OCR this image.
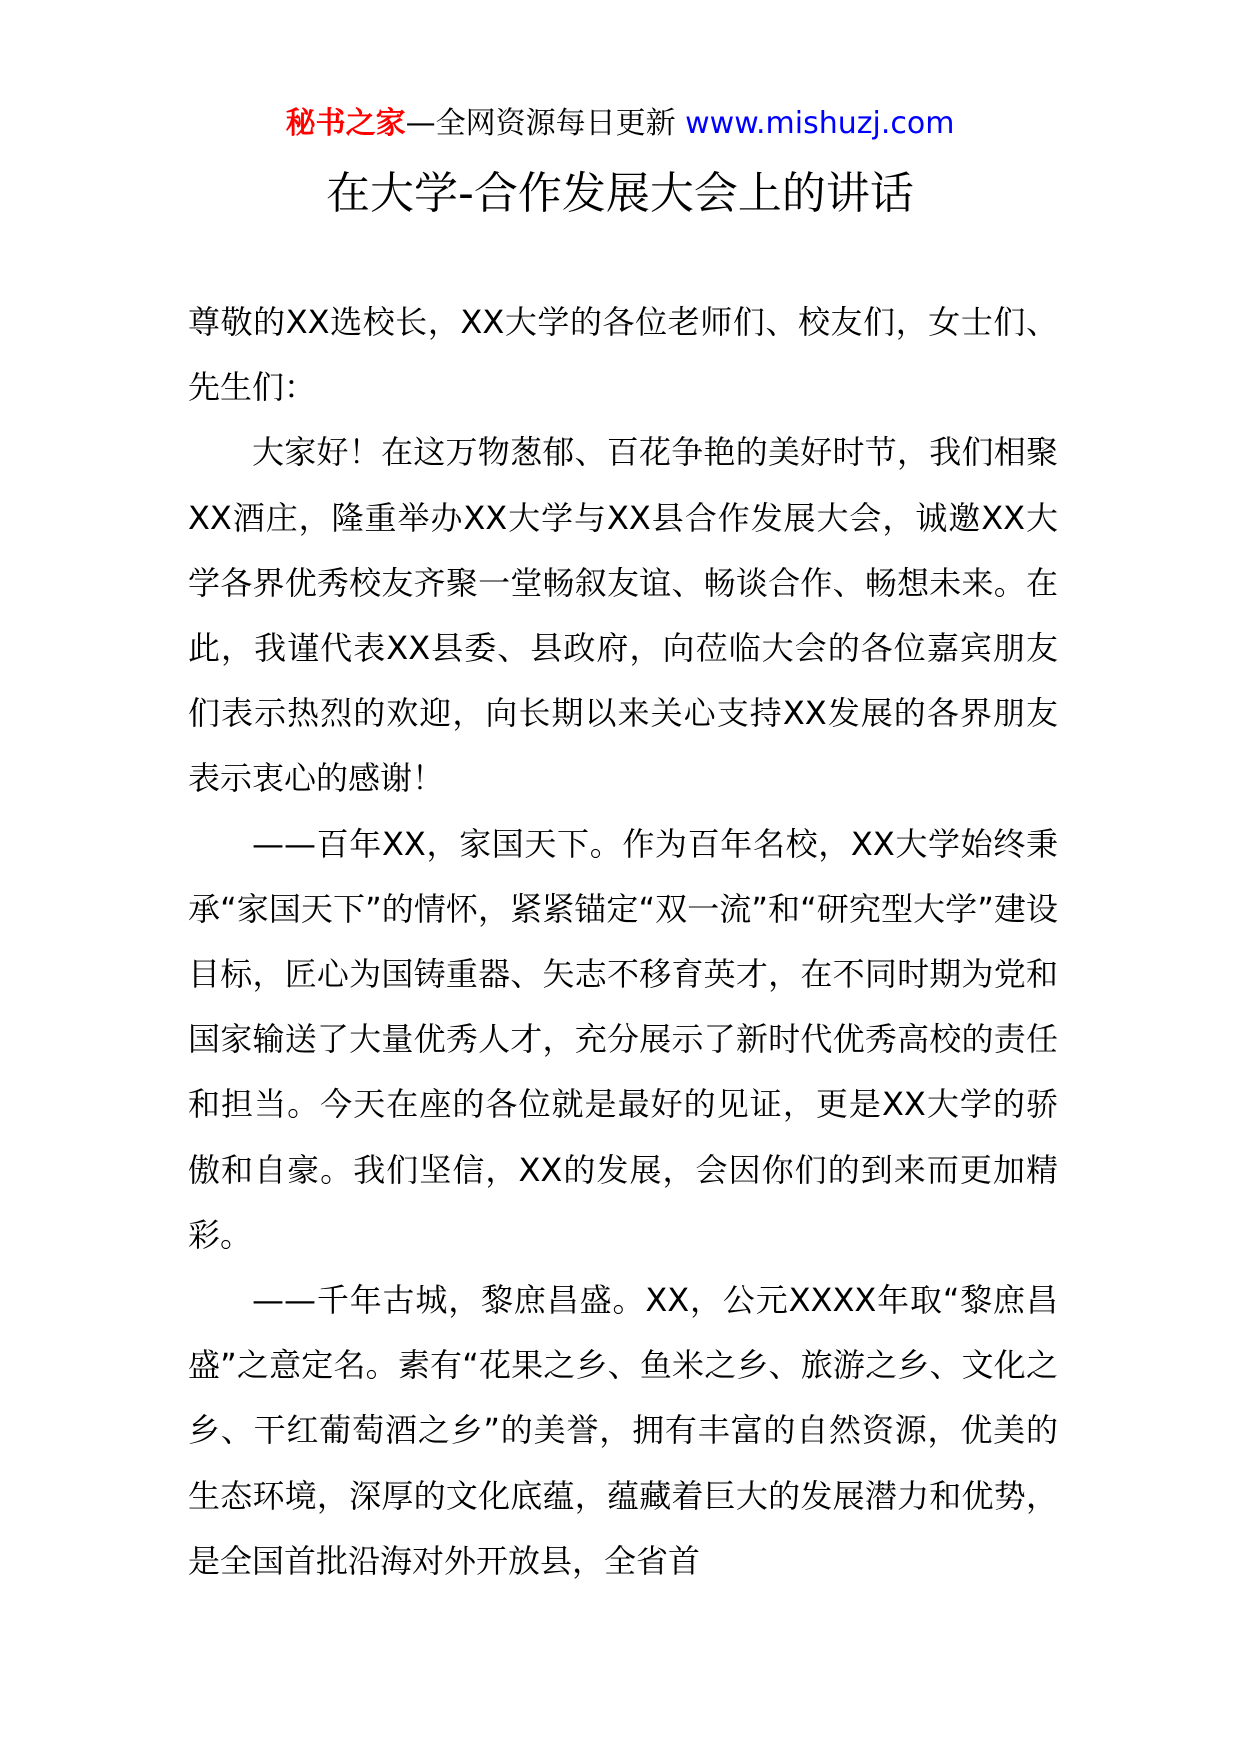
秘书之家—全网资源每日更新 www.mishuzj.com
在大学-合作发展大会上的讲话

尊敬的XX选校长，XX大学的各位老师们、校友们，女士们、先生们：

大家好！在这万物葱郁、百花争艳的美好时节，我们相聚XX酒庄，隆重举办XX大学与XX县合作发展大会，诚邀XX大学各界优秀校友齐聚一堂畅叙友谊、畅谈合作、畅想未来。在此，我谨代表XX县委、县政府，向莅临大会的各位嘉宾朋友们表示热烈的欢迎，向长期以来关心支持XX发展的各界朋友表示衷心的感谢！

——百年XX，家国天下。作为百年名校，XX大学始终秉承“家国天下”的情怀，紧紧锚定“双一流”和“研究型大学”建设目标，匠心为国铸重器、矢志不移育英才，在不同时期为党和国家输送了大量优秀人才，充分展示了新时代优秀高校的责任和担当。今天在座的各位就是最好的见证，更是XX大学的骄傲和自豪。我们坚信，XX的发展，会因你们的到来而更加精彩。

——千年古城，黎庶昌盛。XX，公元XXXX年取“黎庶昌盛”之意定名。素有“花果之乡、鱼米之乡、旅游之乡、文化之乡、干红葡萄酒之乡”的美誉，拥有丰富的自然资源，优美的生态环境，深厚的文化底蕴，蕴藏着巨大的发展潜力和优势，是全国首批沿海对外开放县，全省首
